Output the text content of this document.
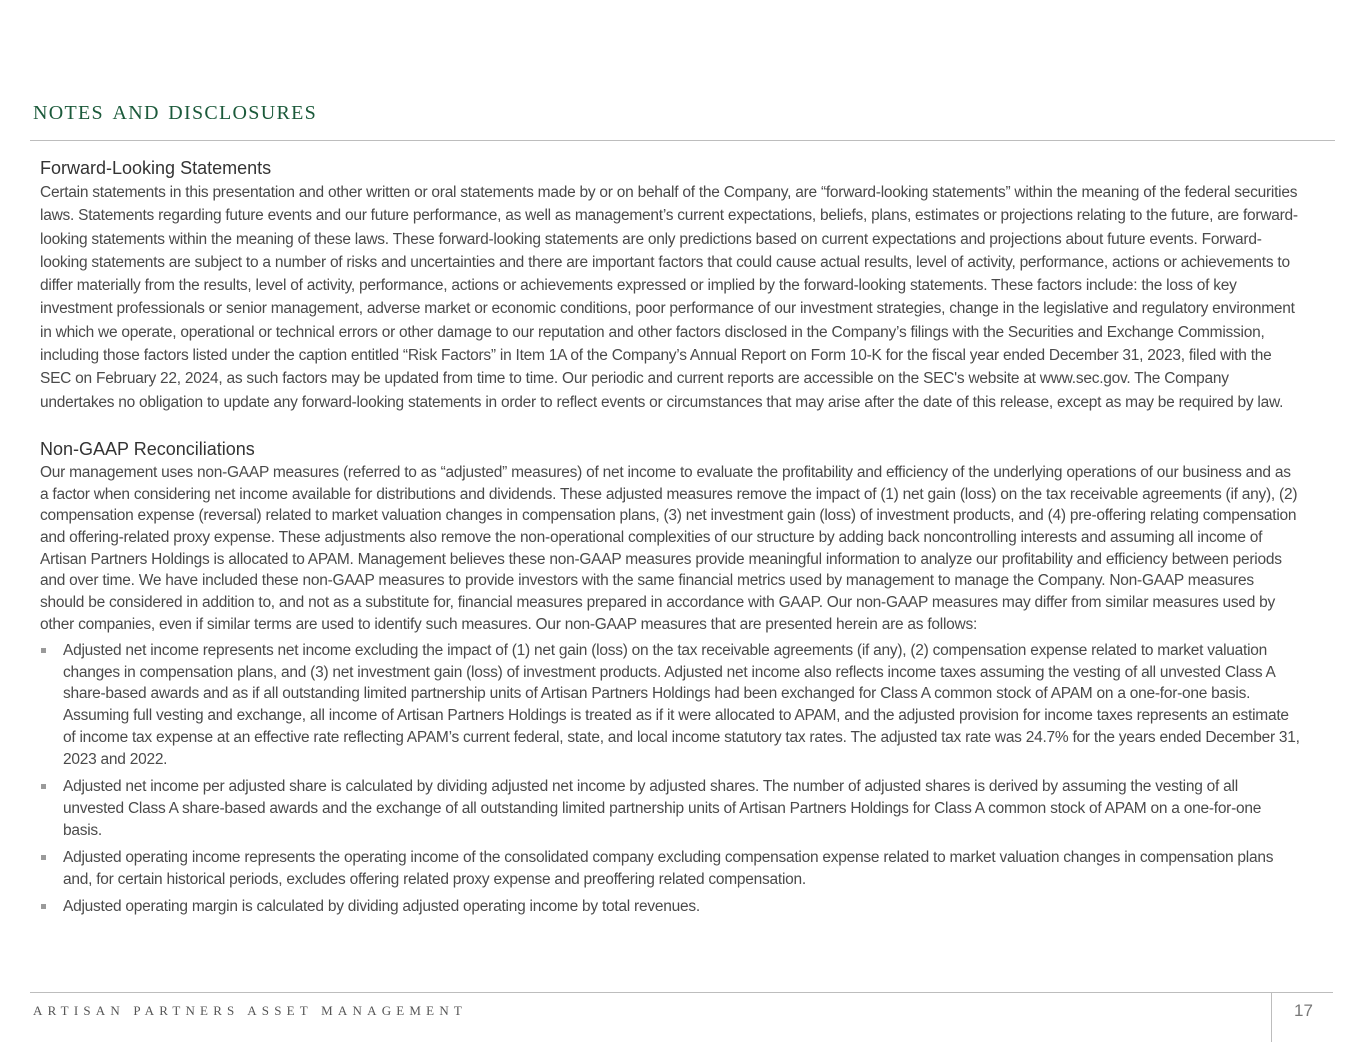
notes and disclosures
Forward-Looking Statements

Certain statements in this presentation and other written or oral statements made by or on behalf of the Company, are “forward-looking statements” within the meaning of the federal securities laws. Statements regarding future events and our future performance, as well as management’s current expectations, beliefs, plans, estimates or projections relating to the future, are forward-looking statements within the meaning of these laws. These forward-looking statements are only predictions based on current expectations and projections about future events. Forward-looking statements are subject to a number of risks and uncertainties and there are important factors that could cause actual results, level of activity, performance, actions or achievements to differ materially from the results, level of activity, performance, actions or achievements expressed or implied by the forward-looking statements. These factors include: the loss of key investment professionals or senior management, adverse market or economic conditions, poor performance of our investment strategies, change in the legislative and regulatory environment in which we operate, operational or technical errors or other damage to our reputation and other factors disclosed in the Company’s filings with the Securities and Exchange Commission, including those factors listed under the caption entitled “Risk Factors” in Item 1A of the Company’s Annual Report on Form 10-K for the fiscal year ended December 31, 2023, filed with the SEC on February 22, 2024, as such factors may be updated from time to time. Our periodic and current reports are accessible on the SEC's website at www.sec.gov. The Company undertakes no obligation to update any forward-looking statements in order to reflect events or circumstances that may arise after the date of this release, except as may be required by law.

Non-GAAP Reconciliations

Our management uses non-GAAP measures (referred to as “adjusted” measures) of net income to evaluate the profitability and efficiency of the underlying operations of our business and as a factor when considering net income available for distributions and dividends. These adjusted measures remove the impact of (1) net gain (loss) on the tax receivable agreements (if any), (2) compensation expense (reversal) related to market valuation changes in compensation plans, (3) net investment gain (loss) of investment products, and (4) pre-offering relating compensation and offering-related proxy expense. These adjustments also remove the non-operational complexities of our structure by adding back noncontrolling interests and assuming all income of Artisan Partners Holdings is allocated to APAM. Management believes these non-GAAP measures provide meaningful information to analyze our profitability and efficiency between periods and over time. We have included these non-GAAP measures to provide investors with the same financial metrics used by management to manage the Company. Non-GAAP measures should be considered in addition to, and not as a substitute for, financial measures prepared in accordance with GAAP. Our non-GAAP measures may differ from similar measures used by other companies, even if similar terms are used to identify such measures. Our non-GAAP measures that are presented herein are as follows:

Adjusted net income represents net income excluding the impact of (1) net gain (loss) on the tax receivable agreements (if any), (2) compensation expense related to market valuation changes in compensation plans, and (3) net investment gain (loss) of investment products. Adjusted net income also reflects income taxes assuming the vesting of all unvested Class A share-based awards and as if all outstanding limited partnership units of Artisan Partners Holdings had been exchanged for Class A common stock of APAM on a one-for-one basis. Assuming full vesting and exchange, all income of Artisan Partners Holdings is treated as if it were allocated to APAM, and the adjusted provision for income taxes represents an estimate of income tax expense at an effective rate reflecting APAM’s current federal, state, and local income statutory tax rates. The adjusted tax rate was 24.7% for the years ended December 31, 2023 and 2022.
Adjusted net income per adjusted share is calculated by dividing adjusted net income by adjusted shares. The number of adjusted shares is derived by assuming the vesting of all unvested Class A share-based awards and the exchange of all outstanding limited partnership units of Artisan Partners Holdings for Class A common stock of APAM on a one-for-one basis.
Adjusted operating income represents the operating income of the consolidated company excluding compensation expense related to market valuation changes in compensation plans and, for certain historical periods, excludes offering related proxy expense and preoffering related compensation.
Adjusted operating margin is calculated by dividing adjusted operating income by total revenues.
ARTISAN PARTNERS ASSET MANAGEMENT	17
